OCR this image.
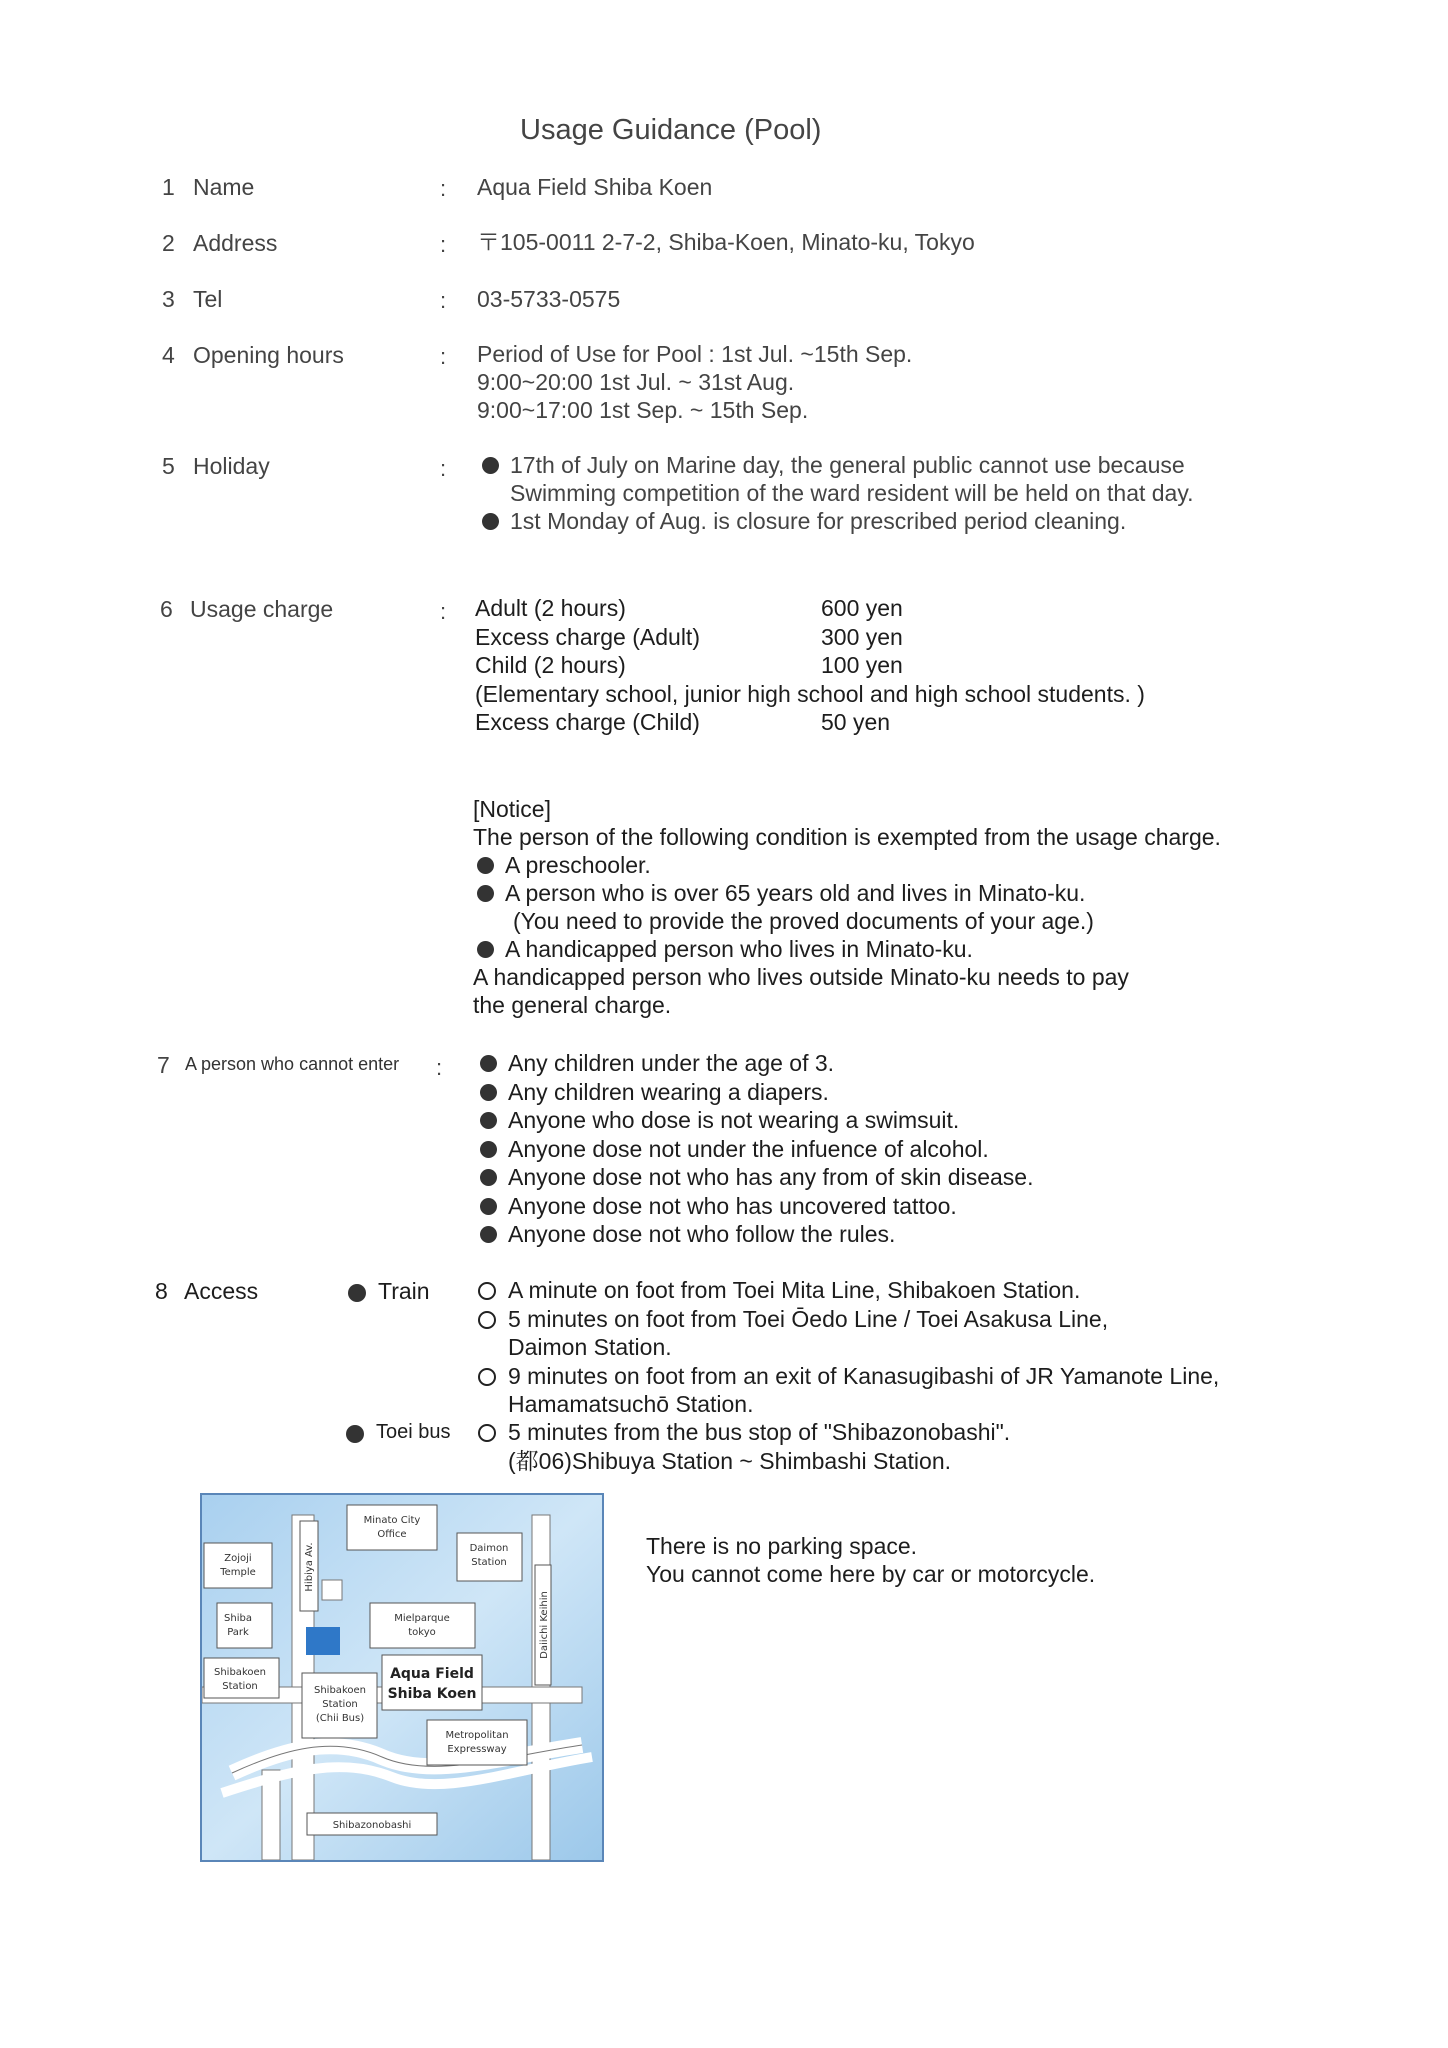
Usage Guidance (Pool)
1 Name	: Aqua Field Shiba Koen
2 Address	: 〒105-0011 2-7-2, Shiba-Koen, Minato-ku, Tokyo
3 Tel	: 03-5733-0575
4 Opening hours	: Period of Use for Pool : 1st Jul. ~15th Sep.
9:00~20:00 1st Jul. ~ 31st Aug.
9:00~17:00 1st Sep. ~ 15th Sep.
5 Holiday	:	17th of July on Marine day, the general public cannot use because
Swimming competition of the ward resident will be held on that day.
1st Monday of Aug. is closure for prescribed period cleaning.
6 Usage charge	: Adult (2 hours)	600 yen
Excess charge (Adult)	300 yen
Child (2 hours)	100 yen
(Elementary school, junior high school and high school students. )
Excess charge (Child)	50 yen
[Notice]
The person of the following condition is exempted from the usage charge.
A preschooler.
A person who is over 65 years old and lives in Minato-ku.
(You need to provide the proved documents of your age.)
A handicapped person who lives in Minato-ku.
A handicapped person who lives outside Minato-ku needs to pay
the general charge.
7 A person who cannot enter :	Any children under the age of 3.
Any children wearing a diapers.
Anyone who dose is not wearing a swimsuit.
Anyone dose not under the infuence of alcohol.
Anyone dose not who has any from of skin disease.
Anyone dose not who has uncovered tattoo.
Anyone dose not who follow the rules.
8 Access	Train	A minute on foot from Toei Mita Line, Shibakoen Station.
5 minutes on foot from Toei Ōedo Line / Toei Asakusa Line,
Daimon Station.
9 minutes on foot from an exit of Kanasugibashi of JR Yamanote Line,
Hamamatsuchō Station.
Toei bus	5 minutes from the bus stop of "Shibazonobashi".
(都06)Shibuya Station ~ Shimbashi Station.
Minato City
Office
Daimon
Station
Zojoji
Temple
Shiba
Park
Mielparque
tokyo
Shibakoen
Station	Shibakoen
Station
(Chii Bus)
Metropolitan
Expressway
Shibazonobashi
Hibiya Av.
Daiichi Keihin
Aqua Field
Shiba Koen
There is no parking space.
You cannot come here by car or motorcycle.
